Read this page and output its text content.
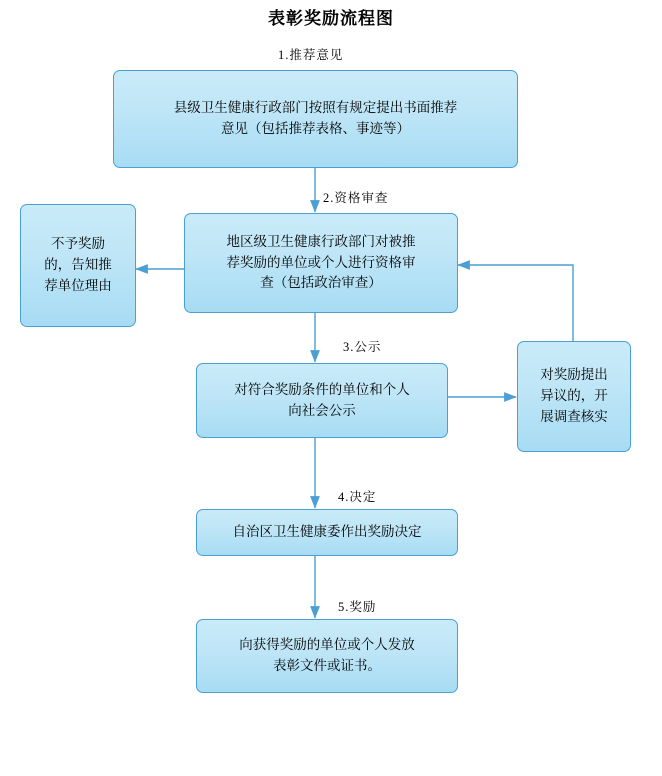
表彰奖励流程图
1.推荐意见
2.资格审查
3.公示
4.决定
5.奖励
县级卫生健康行政部门按照有规定提出书面推荐
意见（包括推荐表格、事迹等）
地区级卫生健康行政部门对被推
荐奖励的单位或个人进行资格审
查（包括政治审查）
不予奖励
的，告知推
荐单位理由
对符合奖励条件的单位和个人
向社会公示
对奖励提出
异议的，开
展调查核实
自治区卫生健康委作出奖励决定
向获得奖励的单位或个人发放
表彰文件或证书。
